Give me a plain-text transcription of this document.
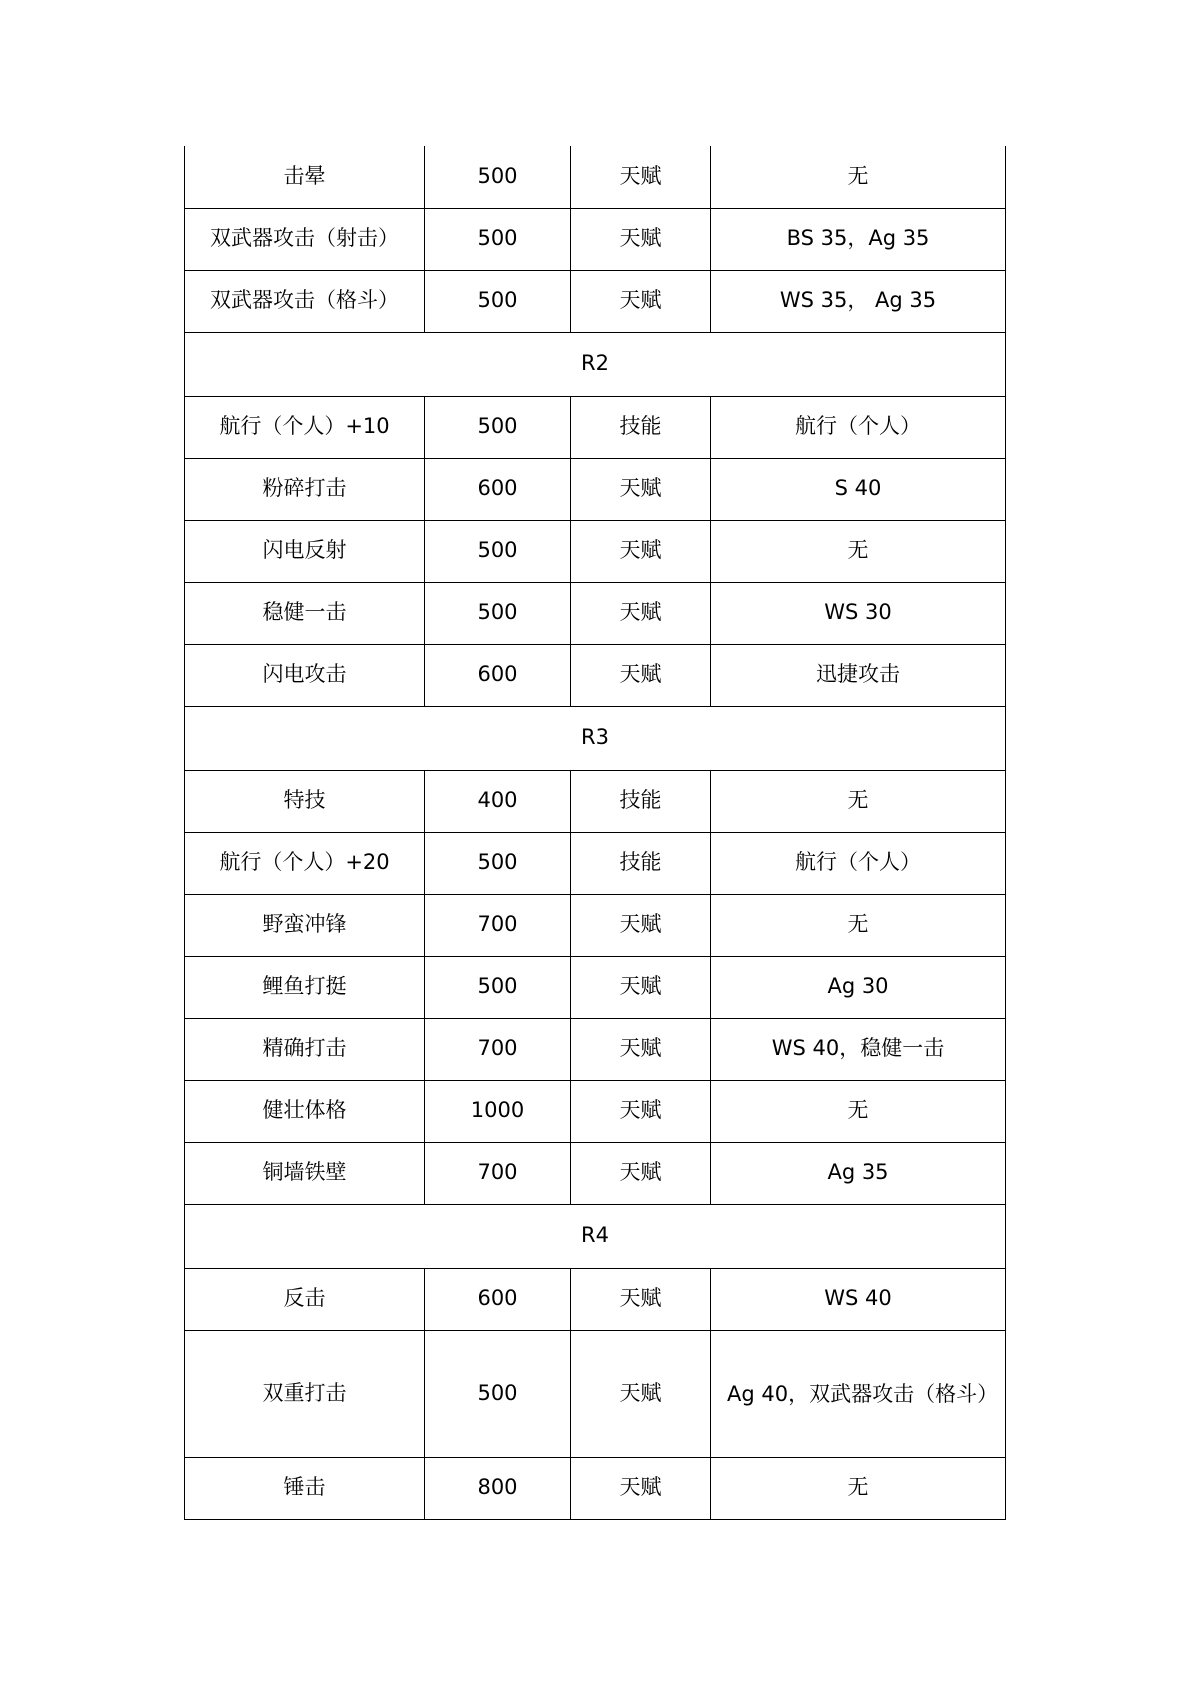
击晕	500	天赋	无
双武器攻击（射击）	500	天赋	BS 35，Ag 35
双武器攻击（格斗）	500	天赋	WS 35， Ag 35
R2			
航行（个人）+10	500	技能	航行（个人）
粉碎打击	600	天赋	S 40
闪电反射	500	天赋	无
稳健一击	500	天赋	WS 30
闪电攻击	600	天赋	迅捷攻击
R3			
特技	400	技能	无
航行（个人）+20	500	技能	航行（个人）
野蛮冲锋	700	天赋	无
鲤鱼打挺	500	天赋	Ag 30
精确打击	700	天赋	WS 40，稳健一击
健壮体格	1000	天赋	无
铜墙铁壁	700	天赋	Ag 35
R4			
反击	600	天赋	WS 40
双重打击	500	天赋	Ag 40，双武器攻击（格斗）
锤击	800	天赋	无
